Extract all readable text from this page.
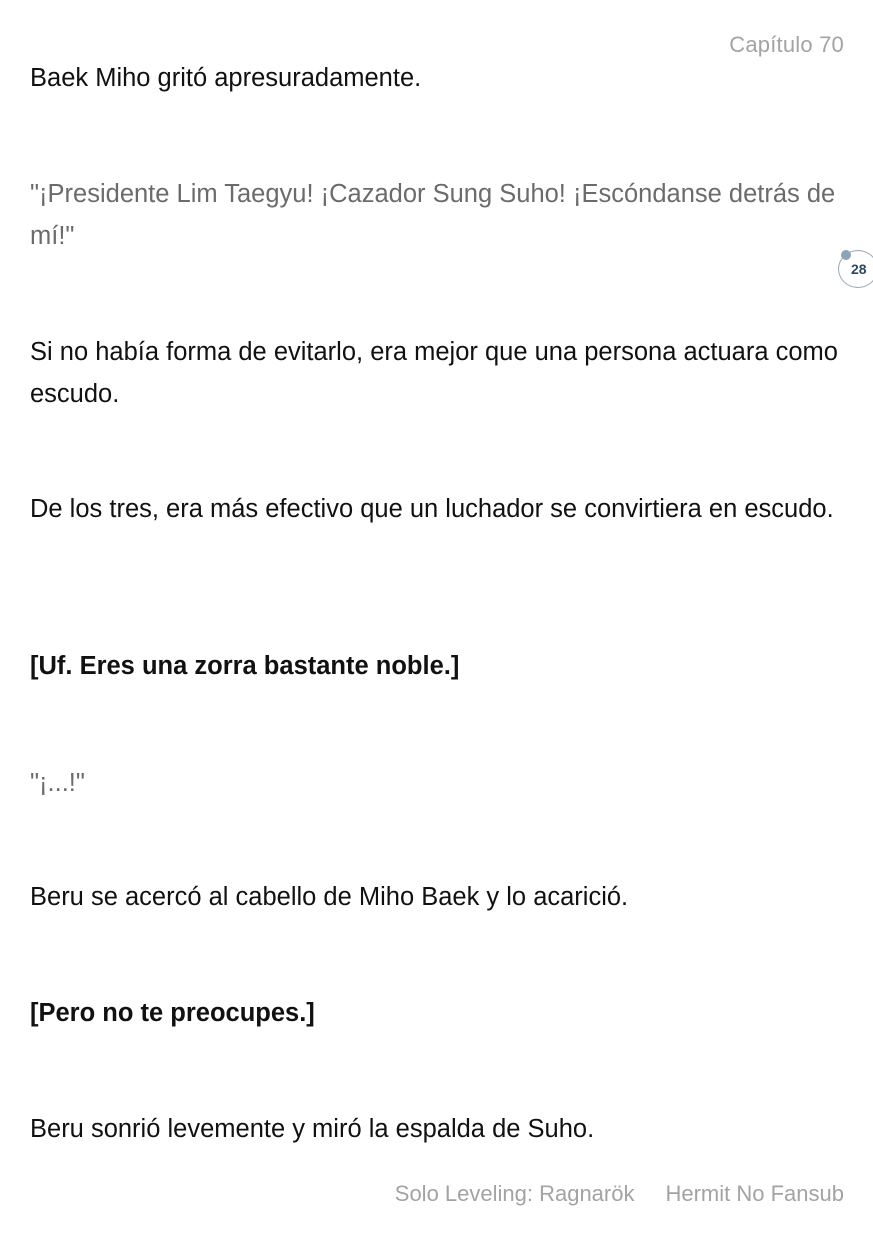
Capítulo 70

Baek Miho gritó apresuradamente.

"¡Presidente Lim Taegyu! ¡Cazador Sung Suho! ¡Escóndanse detrás de mí!"

Si no había forma de evitarlo, era mejor que una persona actuara como escudo.

De los tres, era más efectivo que un luchador se convirtiera en escudo.

[Uf. Eres una zorra bastante noble.]

"¡...!"

Beru se acercó al cabello de Miho Baek y lo acarició.

[Pero no te preocupes.]

Beru sonrió levemente y miró la espalda de Suho.

28
Solo Leveling: Ragnarök Hermit No Fansub
